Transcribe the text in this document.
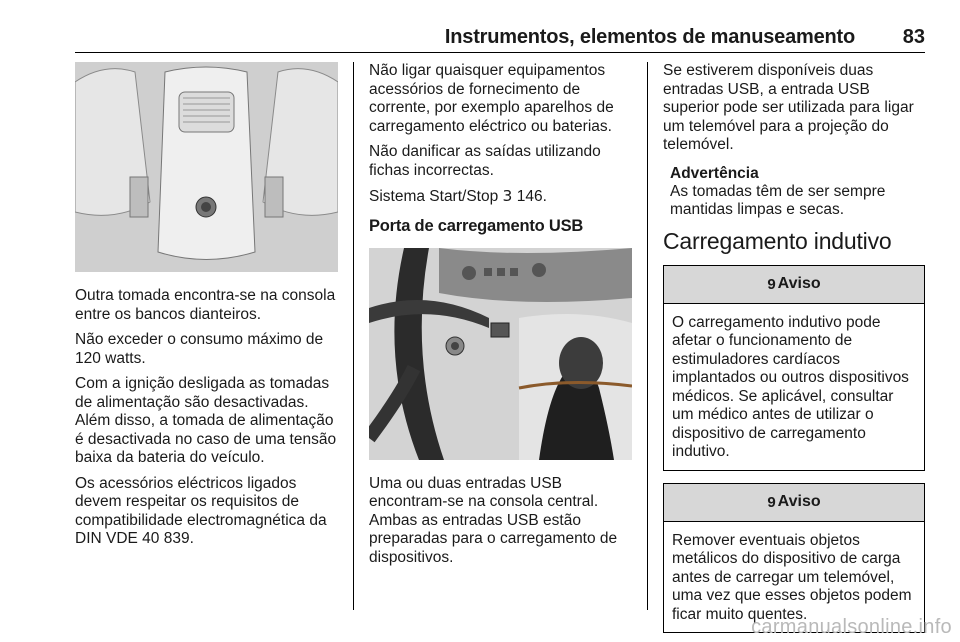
Instrumentos, elementos de manuseamento 83

Outra tomada encontra-se na consola entre os bancos dianteiros.

Não exceder o consumo máximo de 120 watts.

Com a ignição desligada as tomadas de alimentação são desactivadas. Além disso, a tomada de alimentação é desactivada no caso de uma tensão baixa da bateria do veículo.

Os acessórios eléctricos ligados devem respeitar os requisitos de compatibilidade electromagnética da DIN VDE 40 839.

Não ligar quaisquer equipamentos acessórios de fornecimento de corrente, por exemplo aparelhos de carregamento eléctrico ou baterias.

Não danificar as saídas utilizando fichas incorrectas.

Sistema Start/Stop 3 146.

Porta de carregamento USB

Uma ou duas entradas USB encontram-se na consola central. Ambas as entradas USB estão preparadas para o carregamento de dispositivos.

Se estiverem disponíveis duas entradas USB, a entrada USB superior pode ser utilizada para ligar um telemóvel para a projeção do telemóvel.

Advertência
As tomadas têm de ser sempre mantidas limpas e secas.
Carregamento indutivo
9 Aviso
O carregamento indutivo pode afetar o funcionamento de estimuladores cardíacos implantados ou outros dispositivos médicos. Se aplicável, consultar um médico antes de utilizar o dispositivo de carregamento indutivo.
9 Aviso
Remover eventuais objetos metálicos do dispositivo de carga antes de carregar um telemóvel, uma vez que esses objetos podem ficar muito quentes.
carmanualsonline.info
